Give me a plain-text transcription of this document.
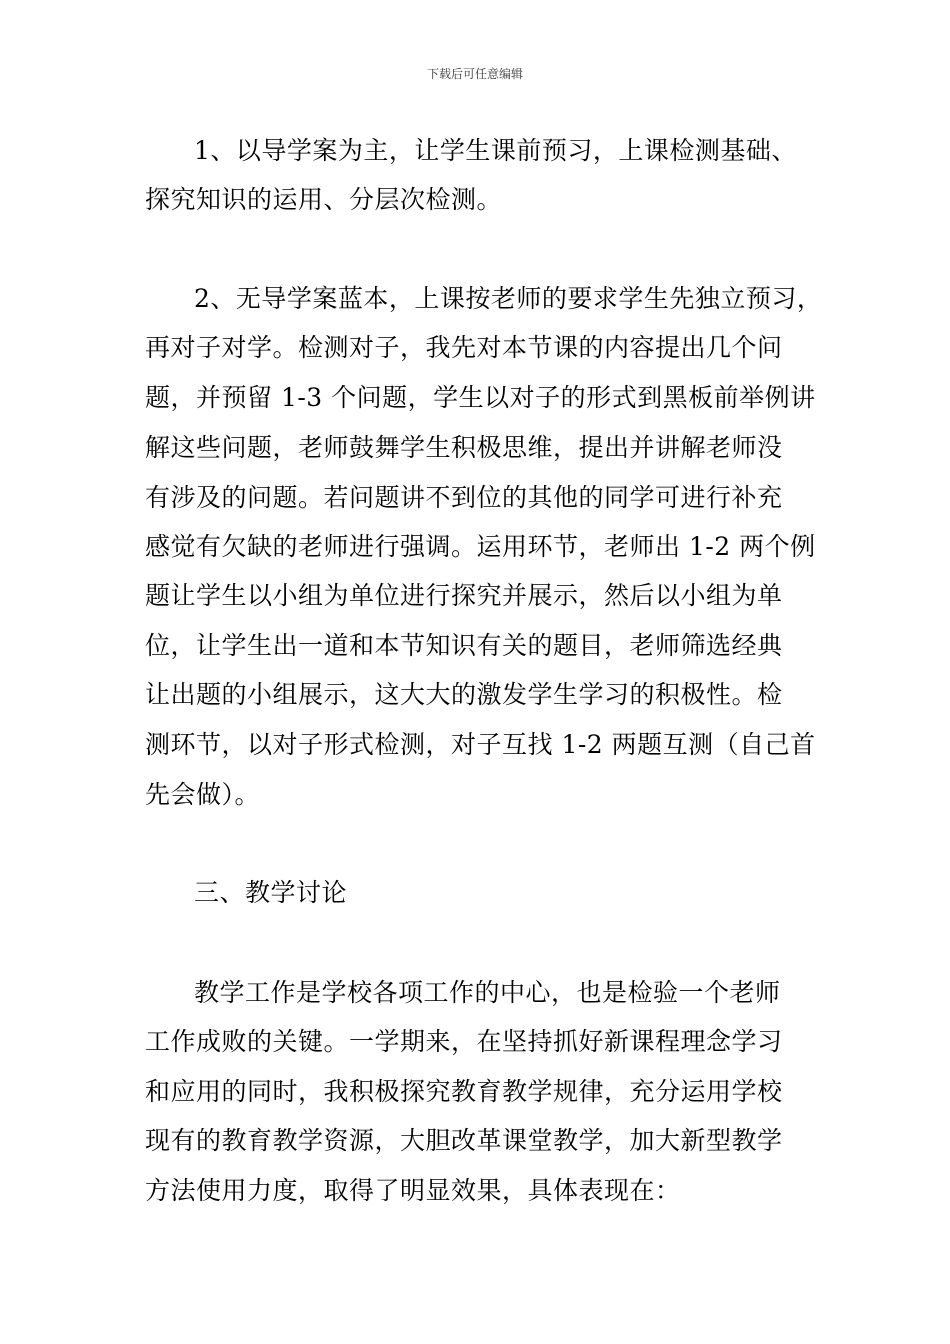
下载后可任意编辑
1、以导学案为主，让学生课前预习，上课检测基础、
探究知识的运用、分层次检测。
2、无导学案蓝本，上课按老师的要求学生先独立预习，
再对子对学。检测对子，我先对本节课的内容提出几个问
题，并预留 1-3 个问题，学生以对子的形式到黑板前举例讲
解这些问题，老师鼓舞学生积极思维，提出并讲解老师没
有涉及的问题。若问题讲不到位的其他的同学可进行补充
感觉有欠缺的老师进行强调。运用环节，老师出 1-2 两个例
题让学生以小组为单位进行探究并展示，然后以小组为单
位，让学生出一道和本节知识有关的题目，老师筛选经典
让出题的小组展示，这大大的激发学生学习的积极性。检
测环节，以对子形式检测，对子互找 1-2 两题互测（自己首
先会做）。
三、教学讨论
教学工作是学校各项工作的中心，也是检验一个老师
工作成败的关键。一学期来，在坚持抓好新课程理念学习
和应用的同时，我积极探究教育教学规律，充分运用学校
现有的教育教学资源，大胆改革课堂教学，加大新型教学
方法使用力度，取得了明显效果，具体表现在：
